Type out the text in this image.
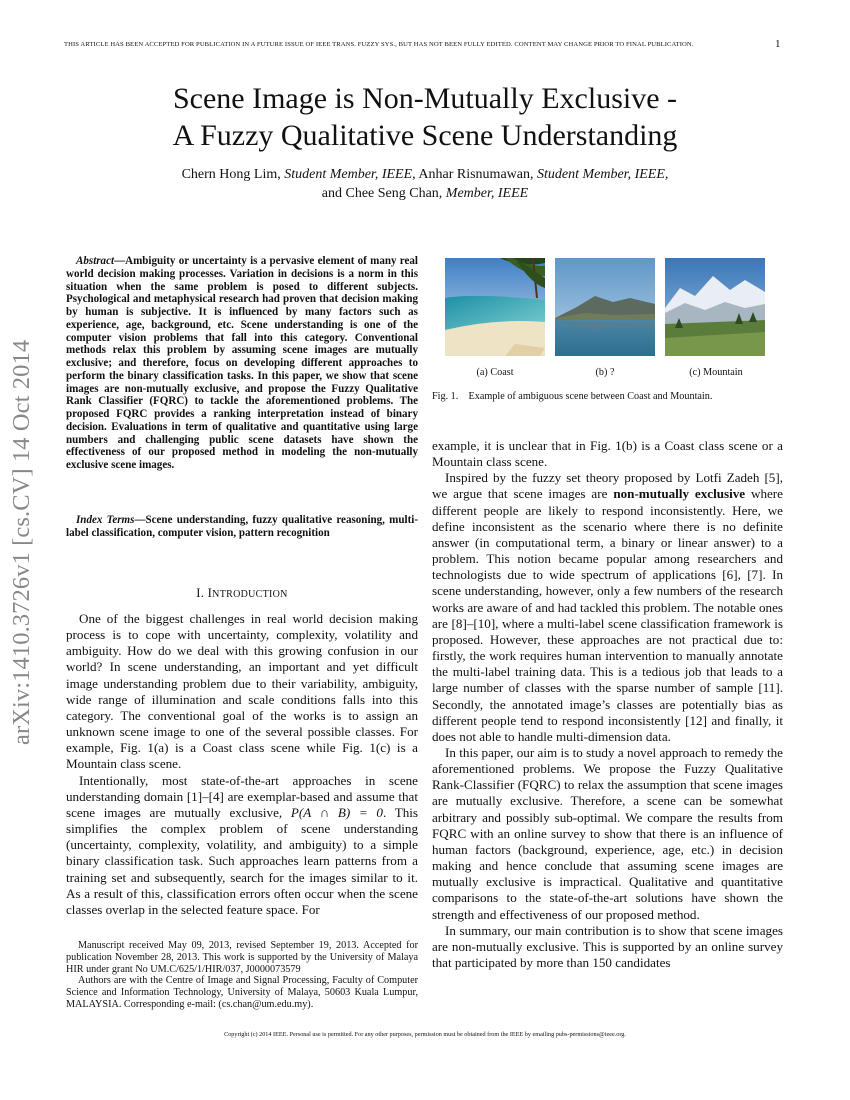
THIS ARTICLE HAS BEEN ACCEPTED FOR PUBLICATION IN A FUTURE ISSUE OF IEEE TRANS. FUZZY SYS., BUT HAS NOT BEEN FULLY EDITED. CONTENT MAY CHANGE PRIOR TO FINAL PUBLICATION.	1
arXiv:1410.3726v1 [cs.CV] 14 Oct 2014
Scene Image is Non-Mutually Exclusive -
A Fuzzy Qualitative Scene Understanding
Chern Hong Lim, Student Member, IEEE, Anhar Risnumawan, Student Member, IEEE,
and Chee Seng Chan, Member, IEEE

Abstract—Ambiguity or uncertainty is a pervasive element of many real world decision making processes. Variation in decisions is a norm in this situation when the same problem is posed to different subjects. Psychological and metaphysical research had proven that decision making by human is subjective. It is influenced by many factors such as experience, age, background, etc. Scene understanding is one of the computer vision problems that fall into this category. Conventional methods relax this problem by assuming scene images are mutually exclusive; and therefore, focus on developing different approaches to perform the binary classification tasks. In this paper, we show that scene images are non-mutually exclusive, and propose the Fuzzy Qualitative Rank Classifier (FQRC) to tackle the aforementioned problems. The proposed FQRC provides a ranking interpretation instead of binary decision. Evaluations in term of qualitative and quantitative using large numbers and challenging public scene datasets have shown the effectiveness of our proposed method in modeling the non-mutually exclusive scene images.

Index Terms—Scene understanding, fuzzy qualitative reasoning, multi-label classification, computer vision, pattern recognition

I. INTRODUCTION

One of the biggest challenges in real world decision making process is to cope with uncertainty, complexity, volatility and ambiguity. How do we deal with this growing confusion in our world? In scene understanding, an important and yet difficult image understanding problem due to their variability, ambiguity, wide range of illumination and scale conditions falls into this category. The conventional goal of the works is to assign an unknown scene image to one of the several possible classes. For example, Fig. 1(a) is a Coast class scene while Fig. 1(c) is a Mountain class scene.

Intentionally, most state-of-the-art approaches in scene understanding domain [1]–[4] are exemplar-based and assume that scene images are mutually exclusive, P(A ∩ B) = 0. This simplifies the complex problem of scene understanding (uncertainty, complexity, volatility, and ambiguity) to a simple binary classification task. Such approaches learn patterns from a training set and subsequently, search for the images similar to it. As a result of this, classification errors often occur when the scene classes overlap in the selected feature space. For

Manuscript received May 09, 2013, revised September 19, 2013. Accepted for publication November 28, 2013. This work is supported by the University of Malaya HIR under grant No UM.C/625/1/HIR/037, J0000073579

Authors are with the Centre of Image and Signal Processing, Faculty of Computer Science and Information Technology, University of Malaya, 50603 Kuala Lumpur, MALAYSIA. Corresponding e-mail: (cs.chan@um.edu.my).

(a) Coast	(b) ?	(c) Mountain
Fig. 1. Example of ambiguous scene between Coast and Mountain.

example, it is unclear that in Fig. 1(b) is a Coast class scene or a Mountain class scene.

Inspired by the fuzzy set theory proposed by Lotfi Zadeh [5], we argue that scene images are non-mutually exclusive where different people are likely to respond inconsistently. Here, we define inconsistent as the scenario where there is no definite answer (in computational term, a binary or linear answer) to a problem. This notion became popular among researchers and technologists due to wide spectrum of applications [6], [7]. In scene understanding, however, only a few numbers of the research works are aware of and had tackled this problem. The notable ones are [8]–[10], where a multi-label scene classification framework is proposed. However, these approaches are not practical due to: firstly, the work requires human intervention to manually annotate the multi-label training data. This is a tedious job that leads to a large number of classes with the sparse number of sample [11]. Secondly, the annotated image’s classes are potentially bias as different people tend to respond inconsistently [12] and finally, it does not able to handle multi-dimension data.

In this paper, our aim is to study a novel approach to remedy the aforementioned problems. We propose the Fuzzy Qualitative Rank-Classifier (FQRC) to relax the assumption that scene images are mutually exclusive. Therefore, a scene can be somewhat arbitrary and possibly sub-optimal. We compare the results from FQRC with an online survey to show that there is an influence of human factors (background, experience, age, etc.) in decision making and hence conclude that assuming scene images are mutually exclusive is impractical. Qualitative and quantitative comparisons to the state-of-the-art solutions have shown the strength and effectiveness of our proposed method.

In summary, our main contribution is to show that scene images are non-mutually exclusive. This is supported by an online survey that participated by more than 150 candidates

Copyright (c) 2014 IEEE. Personal use is permitted. For any other purposes, permission must be obtained from the IEEE by emailing pubs-permissions@ieee.org.
